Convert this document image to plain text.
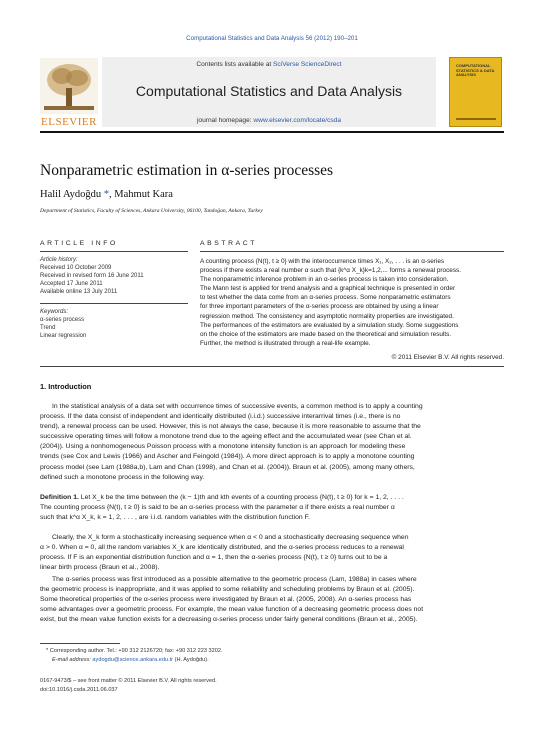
Computational Statistics and Data Analysis 56 (2012) 190–201
Contents lists available at SciVerse ScienceDirect
Computational Statistics and Data Analysis
journal homepage: www.elsevier.com/locate/csda
ELSEVIER
COMPUTATIONAL STATISTICS & DATA ANALYSIS
Nonparametric estimation in α-series processes
Halil Aydoğdu *, Mahmut Kara
Department of Statistics, Faculty of Sciences, Ankara University, 06100, Tandoğan, Ankara, Turkey
ARTICLE INFO
Article history:
Received 10 October 2009
Received in revised form 16 June 2011
Accepted 17 June 2011
Available online 13 July 2011
Keywords:
α-series process
Trend
Linear regression
ABSTRACT
A counting process {N(t), t ≥ 0} with the interoccurrence times X₁, X₂, . . . is an α-series
process if there exists a real number α such that {k^α X_k}k=1,2,... forms a renewal process.
The nonparametric inference problem in an α-series process is taken into consideration.
The Mann test is applied for trend analysis and a graphical technique is presented in order
to test whether the data come from an α-series process. Some nonparametric estimators
for three important parameters of the α-series process are obtained by using a linear
regression method. The consistency and asymptotic normality properties are investigated.
The performances of the estimators are evaluated by a simulation study. Some suggestions
on the choice of the estimators are made based on the theoretical and simulation results.
Further, the method is illustrated through a real-life example.
© 2011 Elsevier B.V. All rights reserved.
1. Introduction
In the statistical analysis of a data set with occurrence times of successive events, a common method is to apply a counting
process. If the data consist of independent and identically distributed (i.i.d.) successive interarrival times (i.e., there is no
trend), a renewal process can be used. However, this is not always the case, because it is more reasonable to assume that the
successive operating times will follow a monotone trend due to the ageing effect and the accumulated wear (see Chan et al.
(2004)). Using a nonhomogeneous Poisson process with a monotone intensity function is an approach for modeling these
trends (see Cox and Lewis (1966) and Ascher and Feingold (1984)). A more direct approach is to apply a monotone counting
process model (see Lam (1988a,b), Lam and Chan (1998), and Chan et al. (2004)). Braun et al. (2005), among many others,
defined such a monotone process in the following way.
Definition 1. Let X_k be the time between the (k − 1)th and kth events of a counting process {N(t), t ≥ 0} for k = 1, 2, . . . .
The counting process {N(t), t ≥ 0} is said to be an α-series process with the parameter α if there exists a real number α
such that k^α X_k, k = 1, 2, . . . , are i.i.d. random variables with the distribution function F.
Clearly, the X_k form a stochastically increasing sequence when α < 0 and a stochastically decreasing sequence when
α > 0. When α = 0, all the random variables X_k are identically distributed, and the α-series process reduces to a renewal
process. If F is an exponential distribution function and α = 1, then the α-series process {N(t), t ≥ 0} turns out to be a
linear birth process (Braun et al., 2008).
The α-series process was first introduced as a possible alternative to the geometric process (Lam, 1988a) in cases where
the geometric process is inappropriate, and it was applied to some reliability and scheduling problems by Braun et al. (2005).
Some theoretical properties of the α-series process were investigated by Braun et al. (2005, 2008). An α-series process has
some advantages over a geometric process. For example, the mean value function of a decreasing geometric process does not
exist, but the mean value function exists for a decreasing α-series process under fairly general conditions (Braun et al., 2005).
* Corresponding author. Tel.: +90 312 2126720; fax: +90 312 223 3202.
E-mail address: aydogdu@science.ankara.edu.tr (H. Aydoğdu).
0167-9473/$ – see front matter © 2011 Elsevier B.V. All rights reserved.
doi:10.1016/j.csda.2011.06.037
